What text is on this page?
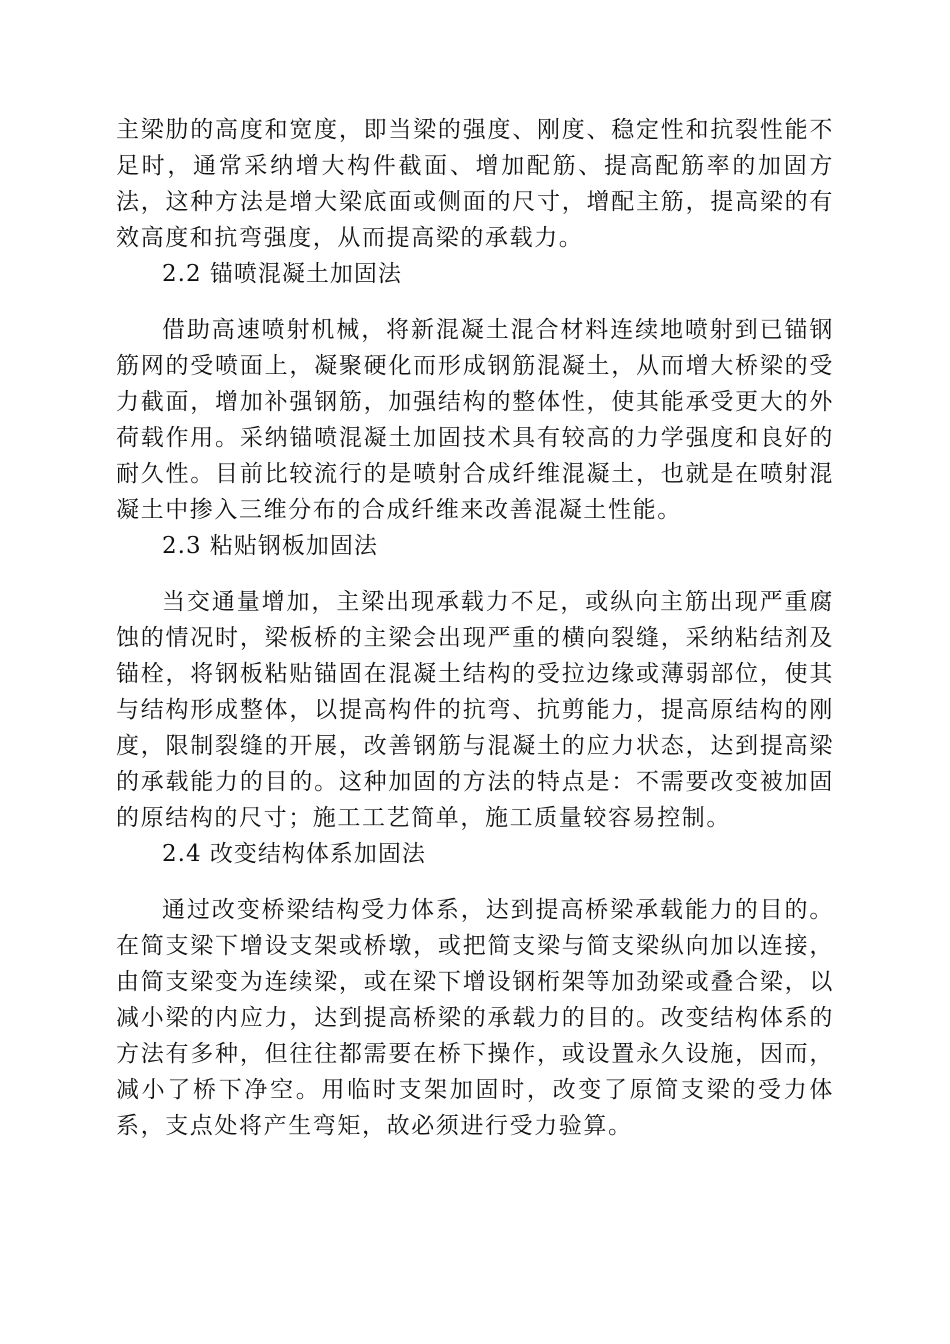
主梁肋的高度和宽度，即当梁的强度、刚度、稳定性和抗裂性能不足时，通常采纳增大构件截面、增加配筋、提高配筋率的加固方法，这种方法是增大梁底面或侧面的尺寸，增配主筋，提高梁的有效高度和抗弯强度，从而提高梁的承载力。

2.2 锚喷混凝土加固法

借助高速喷射机械，将新混凝土混合材料连续地喷射到已锚钢筋网的受喷面上，凝聚硬化而形成钢筋混凝土，从而增大桥梁的受力截面，增加补强钢筋，加强结构的整体性，使其能承受更大的外荷载作用。采纳锚喷混凝土加固技术具有较高的力学强度和良好的耐久性。目前比较流行的是喷射合成纤维混凝土，也就是在喷射混凝土中掺入三维分布的合成纤维来改善混凝土性能。

2.3 粘贴钢板加固法

当交通量增加，主梁出现承载力不足，或纵向主筋出现严重腐蚀的情况时，梁板桥的主梁会出现严重的横向裂缝，采纳粘结剂及锚栓，将钢板粘贴锚固在混凝土结构的受拉边缘或薄弱部位，使其与结构形成整体，以提高构件的抗弯、抗剪能力，提高原结构的刚度，限制裂缝的开展，改善钢筋与混凝土的应力状态，达到提高梁的承载能力的目的。这种加固的方法的特点是：不需要改变被加固的原结构的尺寸；施工工艺简单，施工质量较容易控制。

2.4 改变结构体系加固法

通过改变桥梁结构受力体系，达到提高桥梁承载能力的目的。在简支梁下增设支架或桥墩，或把简支梁与简支梁纵向加以连接，由简支梁变为连续梁，或在梁下增设钢桁架等加劲梁或叠合梁，以减小梁的内应力，达到提高桥梁的承载力的目的。改变结构体系的方法有多种，但往往都需要在桥下操作，或设置永久设施，因而，减小了桥下净空。用临时支架加固时，改变了原简支梁的受力体系，支点处将产生弯矩，故必须进行受力验算。
